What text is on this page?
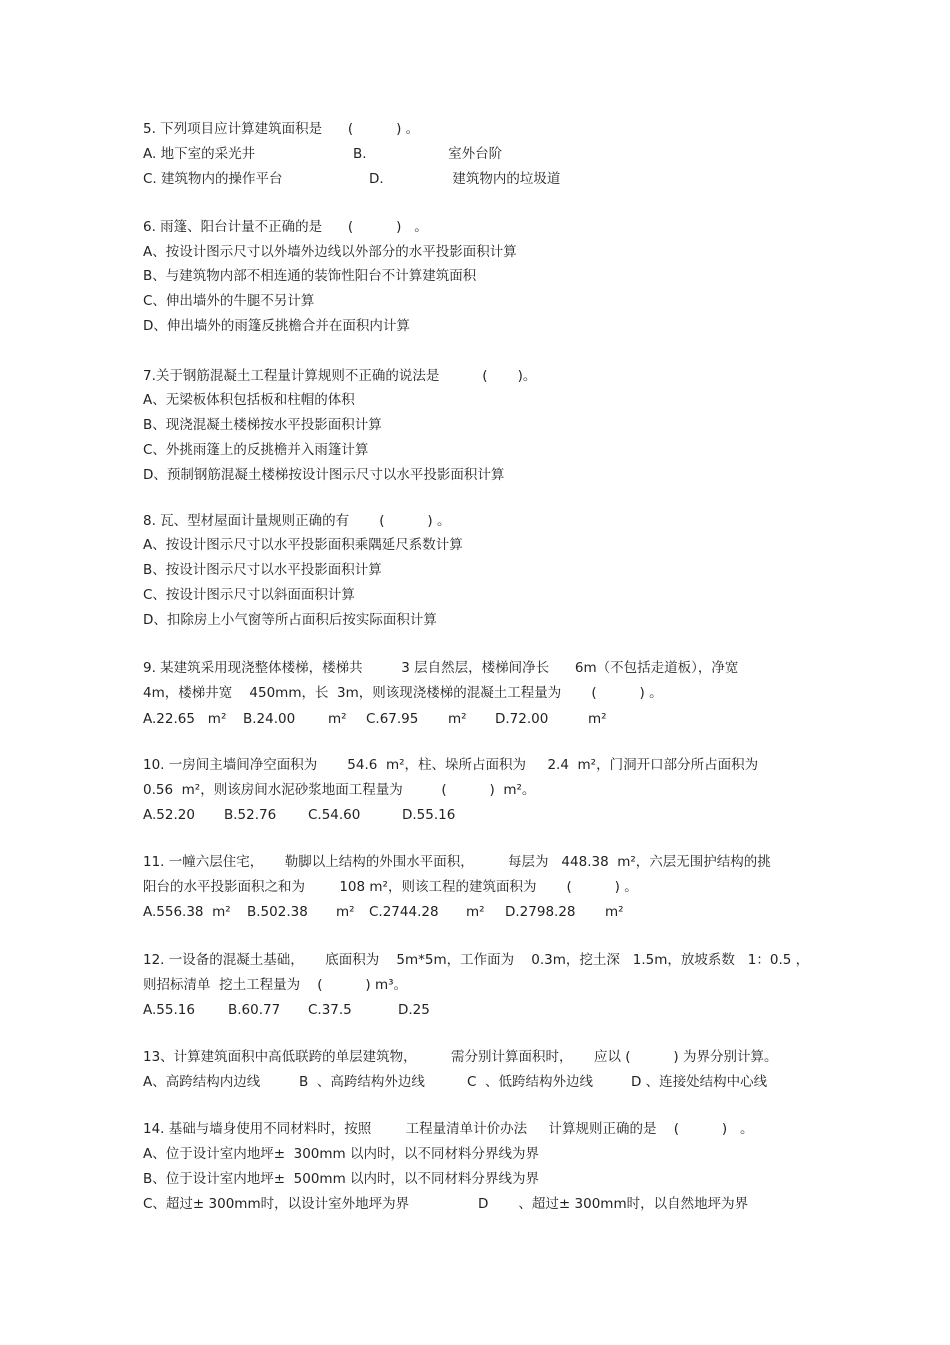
5. 下列项目应计算建筑面积是      (          ) 。
A. 地下室的采光井	B.                   室外台阶
C. 建筑物内的操作平台	D.                建筑物内的垃圾道
6. 雨篷、阳台计量不正确的是      (          )   。
A、按设计图示尺寸以外墙外边线以外部分的水平投影面积计算
B、与建筑物内部不相连通的装饰性阳台不计算建筑面积
C、伸出墙外的牛腿不另计算
D、伸出墙外的雨篷反挑檐合并在面积内计算
7.关于钢筋混凝土工程量计算规则不正确的说法是          (       )。
A、无梁板体积包括板和柱帽的体积
B、现浇混凝土楼梯按水平投影面积计算
C、外挑雨篷上的反挑檐并入雨篷计算
D、预制钢筋混凝土楼梯按设计图示尺寸以水平投影面积计算
8. 瓦、型材屋面计量规则正确的有       (          ) 。
A、按设计图示尺寸以水平投影面积乘隅延尺系数计算
B、按设计图示尺寸以水平投影面积计算
C、按设计图示尺寸以斜面面积计算
D、扣除房上小气窗等所占面积后按实际面积计算
9. 某建筑采用现浇整体楼梯，楼梯共         3 层自然层，楼梯间净长      6m（不包括走道板），净宽
4m，楼梯井宽    450mm，长  3m，则该现浇楼梯的混凝土工程量为       (          ) 。
A.22.65   m² B.24.00 m² C.67.95 m² D.72.00	m²
10. 一房间主墙间净空面积为       54.6  m²，柱、垛所占面积为     2.4  m²，门洞开口部分所占面积为
0.56  m²，则该房间水泥砂浆地面工程量为         (          )  m²。
A.52.20 B.52.76 C.54.60	D.55.16
11. 一幢六层住宅，     勒脚以上结构的外围水平面积，        每层为   448.38  m²，六层无围护结构的挑
阳台的水平投影面积之和为        108 m²，则该工程的建筑面积为       (          ) 。
A.556.38  m² B.502.38 m² C.2744.28 m² D.2798.28 m²
12. 一设备的混凝土基础，     底面积为    5m*5m，工作面为    0.3m，挖土深   1.5m，放坡系数   1：0.5 ，
则招标清单  挖土工程量为    (          ) m³。
A.55.16 B.60.77 C.37.5	D.25
13、计算建筑面积中高低联跨的单层建筑物，        需分别计算面积时，     应以 (          ) 为界分别计算。
A、高跨结构内边线	B  、高跨结构外边线	C  、低跨结构外边线	D 、连接处结构中心线
14. 基础与墙身使用不同材料时，按照        工程量清单计价办法     计算规则正确的是    (          )   。
A、位于设计室内地坪±  300mm 以内时，以不同材料分界线为界
B、位于设计室内地坪±  500mm 以内时，以不同材料分界线为界
C、超过± 300mm时，以设计室外地坪为界	D       、超过± 300mm时，以自然地坪为界
